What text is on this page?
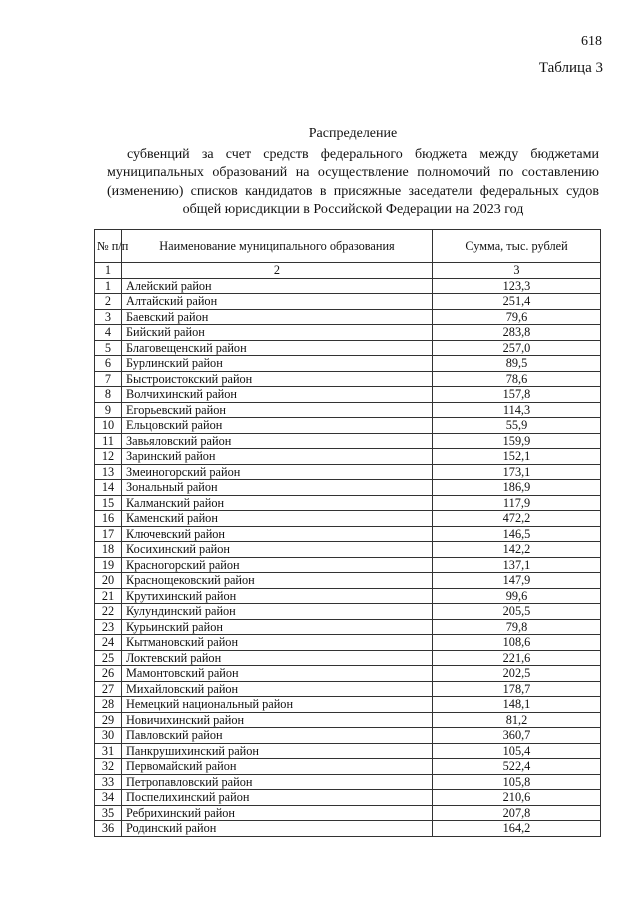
618
Таблица 3
Распределение
субвенций за счет средств федерального бюджета между бюджетами муниципальных образований на осуществление полномочий по составлению (изменению) списков кандидатов в присяжные заседатели федеральных судов общей юрисдикции в Российской Федерации на 2023 год
№ п/п	Наименование муниципального образования	Сумма, тыс. рублей
1	2	3
1	Алейский район	123,3
2	Алтайский район	251,4
3	Баевский район	79,6
4	Бийский район	283,8
5	Благовещенский район	257,0
6	Бурлинский район	89,5
7	Быстроистокский район	78,6
8	Волчихинский район	157,8
9	Егорьевский район	114,3
10	Ельцовский район	55,9
11	Завьяловский район	159,9
12	Заринский район	152,1
13	Змеиногорский район	173,1
14	Зональный район	186,9
15	Калманский район	117,9
16	Каменский район	472,2
17	Ключевский район	146,5
18	Косихинский район	142,2
19	Красногорский район	137,1
20	Краснощековский район	147,9
21	Крутихинский район	99,6
22	Кулундинский район	205,5
23	Курьинский район	79,8
24	Кытмановский район	108,6
25	Локтевский район	221,6
26	Мамонтовский район	202,5
27	Михайловский район	178,7
28	Немецкий национальный район	148,1
29	Новичихинский район	81,2
30	Павловский район	360,7
31	Панкрушихинский район	105,4
32	Первомайский район	522,4
33	Петропавловский район	105,8
34	Поспелихинский район	210,6
35	Ребрихинский район	207,8
36	Родинский район	164,2
